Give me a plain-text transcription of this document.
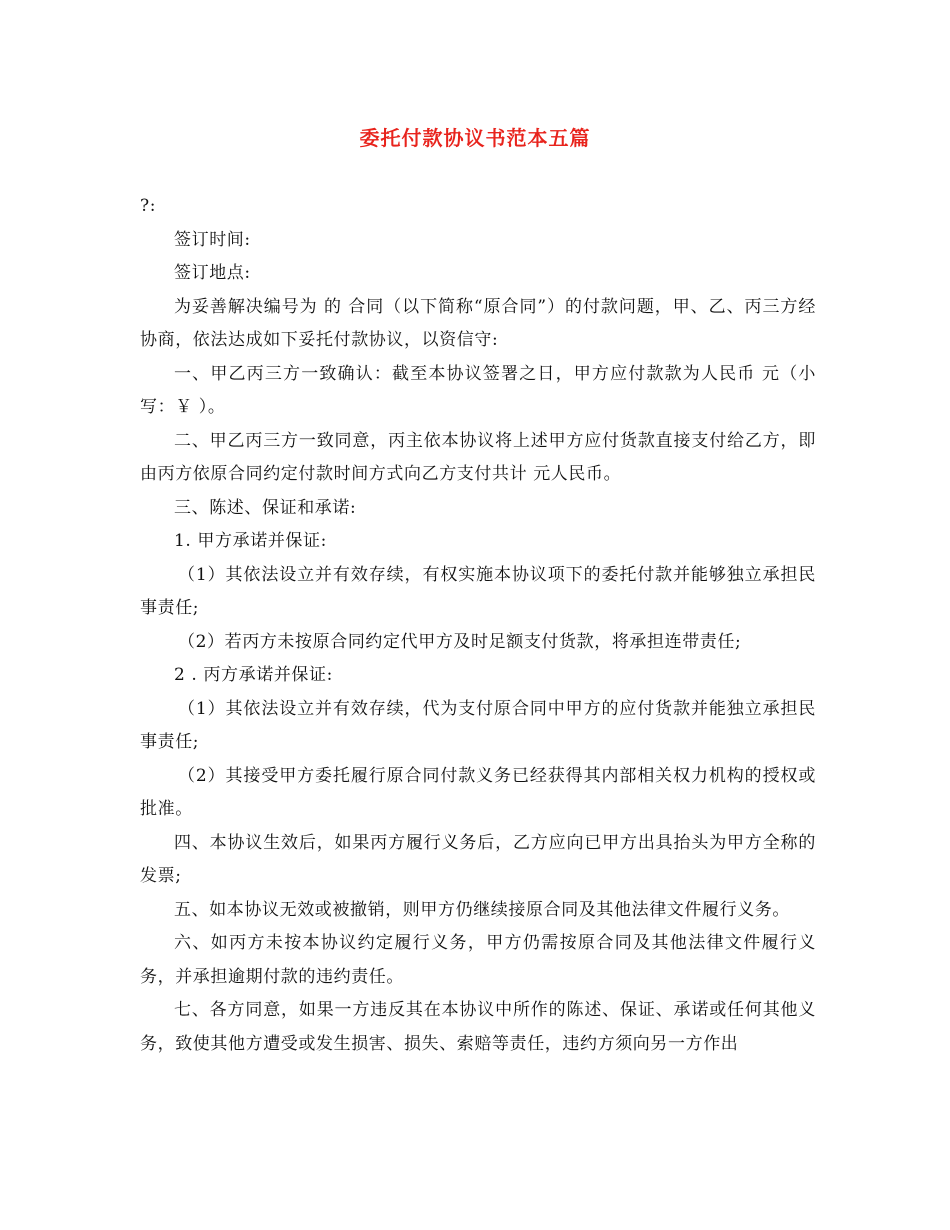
委托付款协议书范本五篇

?:

签订时间:

签订地点:

为妥善解决编号为 的 合同（以下简称“原合同”）的付款问题，甲、乙、丙三方经协商，依法达成如下妥托付款协议，以资信守:

一、甲乙丙三方一致确认：截至本协议签署之日，甲方应付款款为人民币 元（小写：￥ ）。

二、甲乙丙三方一致同意，丙主依本协议将上述甲方应付货款直接支付给乙方，即由丙方依原合同约定付款时间方式向乙方支付共计 元人民币。

三、陈述、保证和承诺:

1. 甲方承诺并保证:

（1）其依法设立并有效存续，有权实施本协议项下的委托付款并能够独立承担民事责任;

（2）若丙方未按原合同约定代甲方及时足额支付货款，将承担连带责任;

2 . 丙方承诺并保证:

（1）其依法设立并有效存续，代为支付原合同中甲方的应付货款并能独立承担民事责任;

（2）其接受甲方委托履行原合同付款义务已经获得其内部相关权力机构的授权或批准。

四、本协议生效后，如果丙方履行义务后，乙方应向已甲方出具抬头为甲方全称的发票;

五、如本协议无效或被撤销，则甲方仍继续接原合同及其他法律文件履行义务。

六、如丙方未按本协议约定履行义务，甲方仍需按原合同及其他法律文件履行义务，并承担逾期付款的违约责任。

七、各方同意，如果一方违反其在本协议中所作的陈述、保证、承诺或任何其他义务，致使其他方遭受或发生损害、损失、索赔等责任，违约方须向另一方作出
